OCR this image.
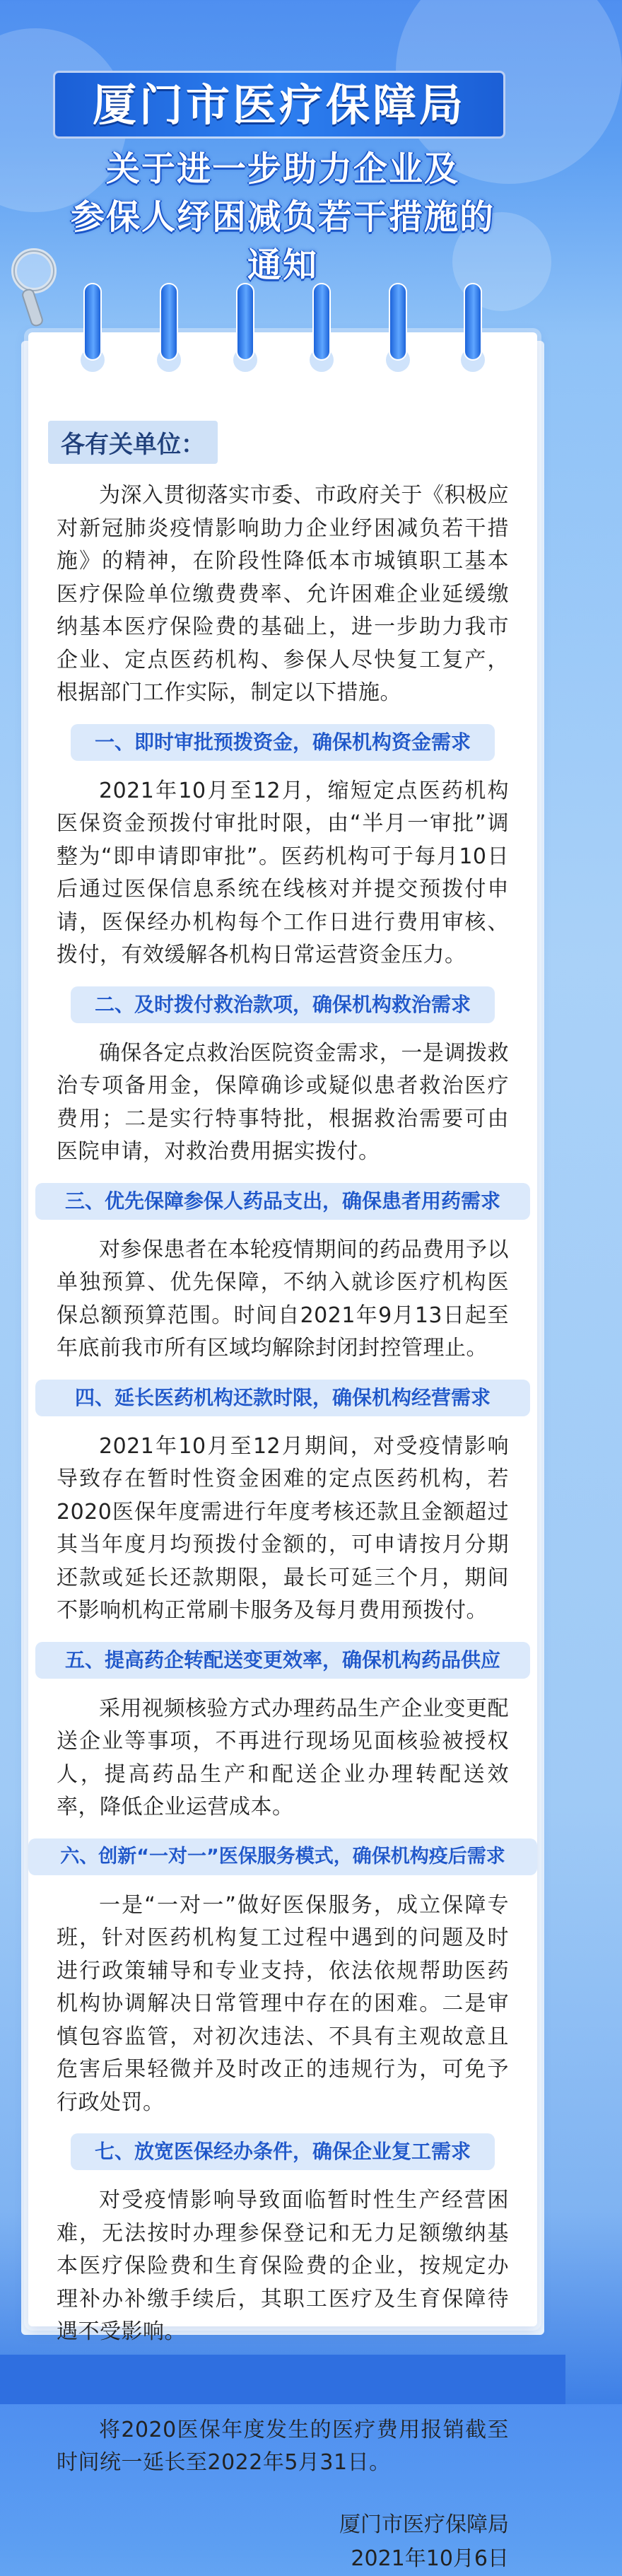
厦门市医疗保障局
关于进一步助力企业及
参保人纾困减负若干措施的
通知
各有关单位：

为深入贯彻落实市委、市政府关于《积极应对新冠肺炎疫情影响助力企业纾困减负若干措施》的精神，在阶段性降低本市城镇职工基本医疗保险单位缴费费率、允许困难企业延缓缴纳基本医疗保险费的基础上，进一步助力我市企业、定点医药机构、参保人尽快复工复产，根据部门工作实际，制定以下措施。

一、即时审批预拨资金，确保机构资金需求

2021年10月至12月，缩短定点医药机构医保资金预拨付审批时限，由“半月一审批”调整为“即申请即审批”。医药机构可于每月10日后通过医保信息系统在线核对并提交预拨付申请，医保经办机构每个工作日进行费用审核、拨付，有效缓解各机构日常运营资金压力。

二、及时拨付救治款项，确保机构救治需求

确保各定点救治医院资金需求，一是调拨救治专项备用金，保障确诊或疑似患者救治医疗费用；二是实行特事特批，根据救治需要可由医院申请，对救治费用据实拨付。

三、优先保障参保人药品支出，确保患者用药需求

对参保患者在本轮疫情期间的药品费用予以单独预算、优先保障，不纳入就诊医疗机构医保总额预算范围。时间自2021年9月13日起至年底前我市所有区域均解除封闭封控管理止。

四、延长医药机构还款时限，确保机构经营需求

2021年10月至12月期间，对受疫情影响导致存在暂时性资金困难的定点医药机构，若2020医保年度需进行年度考核还款且金额超过其当年度月均预拨付金额的，可申请按月分期还款或延长还款期限，最长可延三个月，期间不影响机构正常刷卡服务及每月费用预拨付。

五、提高药企转配送变更效率，确保机构药品供应

采用视频核验方式办理药品生产企业变更配送企业等事项，不再进行现场见面核验被授权人，提高药品生产和配送企业办理转配送效率，降低企业运营成本。

六、创新“一对一”医保服务模式，确保机构疫后需求

一是“一对一”做好医保服务，成立保障专班，针对医药机构复工过程中遇到的问题及时进行政策辅导和专业支持，依法依规帮助医药机构协调解决日常管理中存在的困难。二是审慎包容监管，对初次违法、不具有主观故意且危害后果轻微并及时改正的违规行为，可免予行政处罚。

七、放宽医保经办条件，确保企业复工需求

对受疫情影响导致面临暂时性生产经营困难，无法按时办理参保登记和无力足额缴纳基本医疗保险费和生育保险费的企业，按规定办理补办补缴手续后，其职工医疗及生育保障待遇不受影响。

将2020医保年度发生的医疗费用报销截至时间统一延长至2022年5月31日。

厦门市医疗保障局
2021年10月6日
